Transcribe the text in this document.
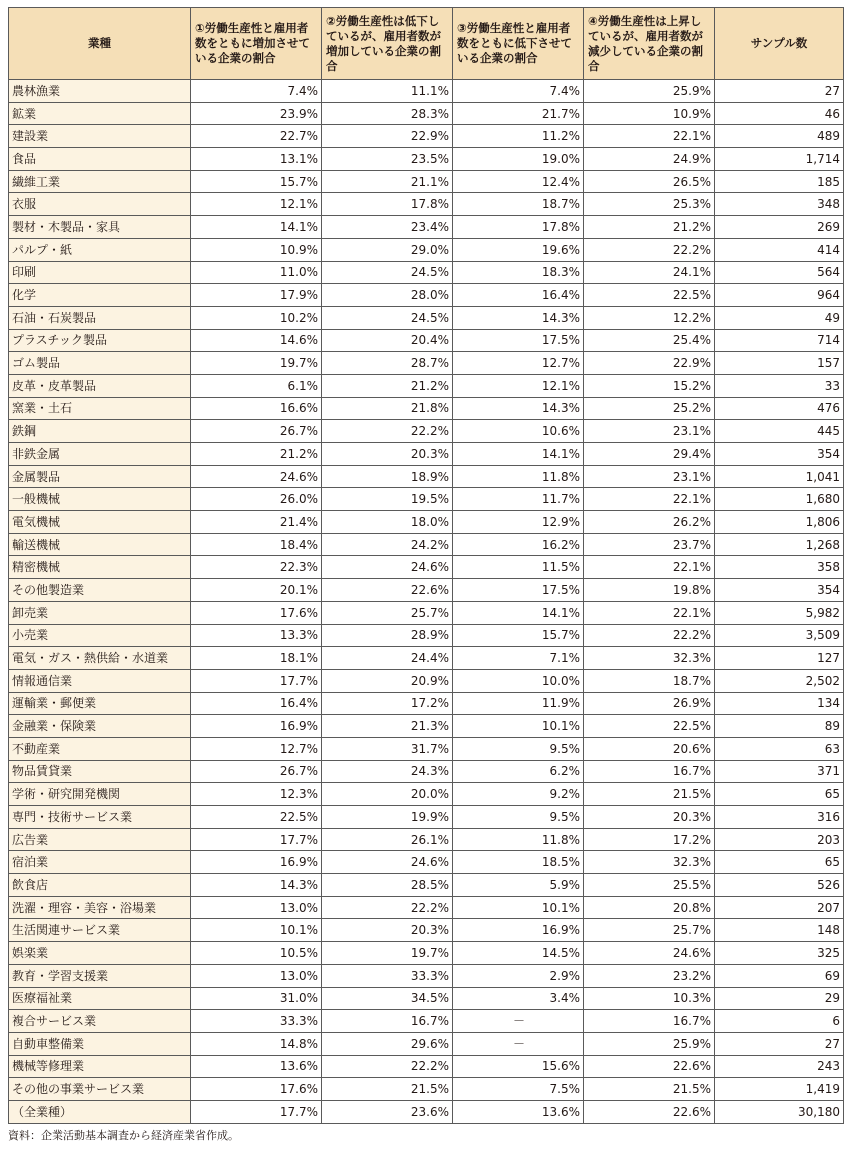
業種	①労働生産性と雇用者数をともに増加させている企業の割合	②労働生産性は低下しているが、雇用者数が増加している企業の割合	③労働生産性と雇用者数をともに低下させている企業の割合	④労働生産性は上昇しているが、雇用者数が減少している企業の割合	サンプル数
農林漁業	7.4%	11.1%	7.4%	25.9%	27
鉱業	23.9%	28.3%	21.7%	10.9%	46
建設業	22.7%	22.9%	11.2%	22.1%	489
食品	13.1%	23.5%	19.0%	24.9%	1,714
繊維工業	15.7%	21.1%	12.4%	26.5%	185
衣服	12.1%	17.8%	18.7%	25.3%	348
製材・木製品・家具	14.1%	23.4%	17.8%	21.2%	269
パルプ・紙	10.9%	29.0%	19.6%	22.2%	414
印刷	11.0%	24.5%	18.3%	24.1%	564
化学	17.9%	28.0%	16.4%	22.5%	964
石油・石炭製品	10.2%	24.5%	14.3%	12.2%	49
プラスチック製品	14.6%	20.4%	17.5%	25.4%	714
ゴム製品	19.7%	28.7%	12.7%	22.9%	157
皮革・皮革製品	6.1%	21.2%	12.1%	15.2%	33
窯業・土石	16.6%	21.8%	14.3%	25.2%	476
鉄鋼	26.7%	22.2%	10.6%	23.1%	445
非鉄金属	21.2%	20.3%	14.1%	29.4%	354
金属製品	24.6%	18.9%	11.8%	23.1%	1,041
一般機械	26.0%	19.5%	11.7%	22.1%	1,680
電気機械	21.4%	18.0%	12.9%	26.2%	1,806
輸送機械	18.4%	24.2%	16.2%	23.7%	1,268
精密機械	22.3%	24.6%	11.5%	22.1%	358
その他製造業	20.1%	22.6%	17.5%	19.8%	354
卸売業	17.6%	25.7%	14.1%	22.1%	5,982
小売業	13.3%	28.9%	15.7%	22.2%	3,509
電気・ガス・熱供給・水道業	18.1%	24.4%	7.1%	32.3%	127
情報通信業	17.7%	20.9%	10.0%	18.7%	2,502
運輸業・郵便業	16.4%	17.2%	11.9%	26.9%	134
金融業・保険業	16.9%	21.3%	10.1%	22.5%	89
不動産業	12.7%	31.7%	9.5%	20.6%	63
物品賃貸業	26.7%	24.3%	6.2%	16.7%	371
学術・研究開発機関	12.3%	20.0%	9.2%	21.5%	65
専門・技術サービス業	22.5%	19.9%	9.5%	20.3%	316
広告業	17.7%	26.1%	11.8%	17.2%	203
宿泊業	16.9%	24.6%	18.5%	32.3%	65
飲食店	14.3%	28.5%	5.9%	25.5%	526
洗濯・理容・美容・浴場業	13.0%	22.2%	10.1%	20.8%	207
生活関連サービス業	10.1%	20.3%	16.9%	25.7%	148
娯楽業	10.5%	19.7%	14.5%	24.6%	325
教育・学習支援業	13.0%	33.3%	2.9%	23.2%	69
医療福祉業	31.0%	34.5%	3.4%	10.3%	29
複合サービス業	33.3%	16.7%	－	16.7%	6
自動車整備業	14.8%	29.6%	－	25.9%	27
機械等修理業	13.6%	22.2%	15.6%	22.6%	243
その他の事業サービス業	17.6%	21.5%	7.5%	21.5%	1,419
（全業種）	17.7%	23.6%	13.6%	22.6%	30,180
資料：企業活動基本調査から経済産業省作成。
